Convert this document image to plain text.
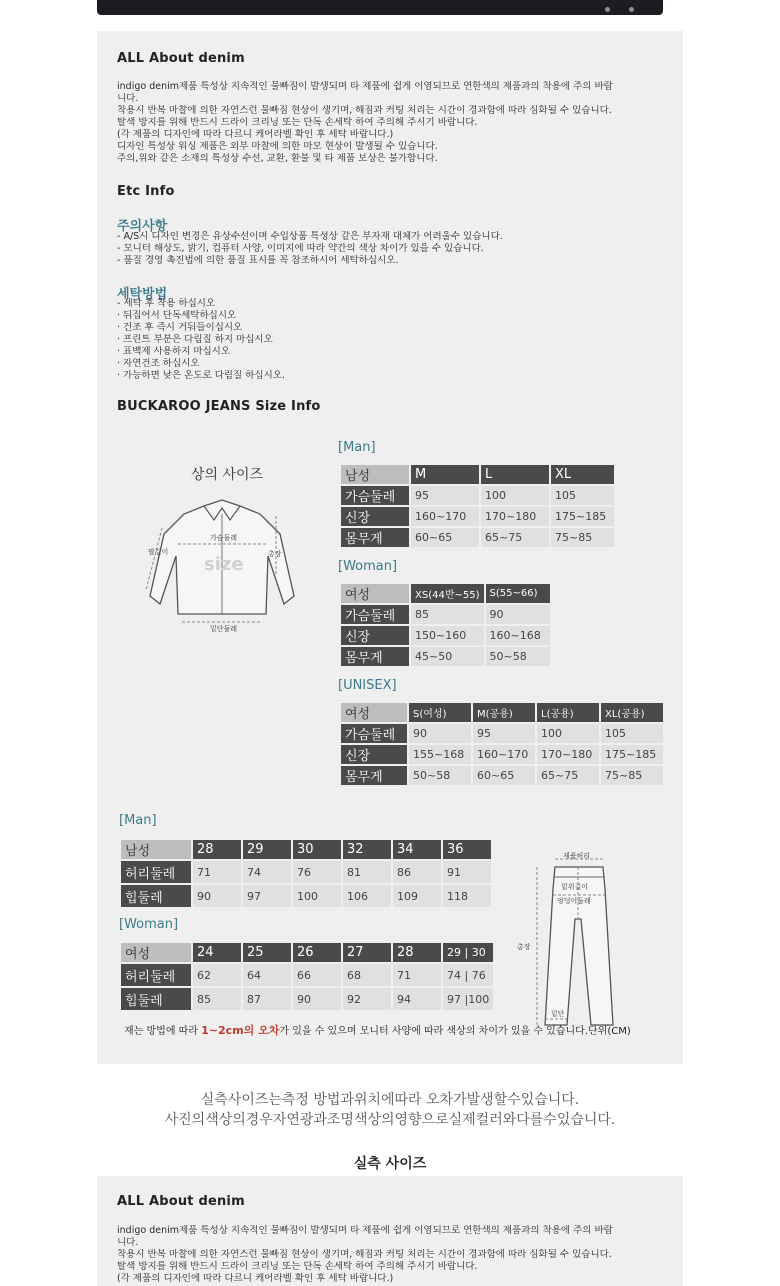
ALL About denim
indigo denim제품 특성상 지속적인 물빠짐이 발생되며 타 제품에 쉽게 이염되므로 연한색의 제품과의 착용에 주의 바랍
니다.
착용시 반복 마찰에 의한 자연스런 물빠짐 현상이 생기며, 해짐과 커팅 처리는 시간이 경과함에 따라 심화될 수 있습니다.
탈색 방지를 위해 반드시 드라이 크리닝 또는 단독 손세탁 하여 주의해 주시기 바랍니다.
(각 제품의 디자인에 따라 다르니 케어라벨 확인 후 세탁 바랍니다.)
디자인 특성상 워싱 제품은 외부 마찰에 의한 마모 현상이 발생될 수 있습니다.
주의,위와 같은 소재의 특성상 수선, 교환, 환불 및 타 제품 보상은 불가합니다.
Etc Info
주의사항
- A/S시 디자인 변경은 유상수선이며 수입상품 특성상 같은 부자재 대체가 어려울수 있습니다.
- 모니터 해상도, 밝기, 컴퓨터 사양, 이미지에 따라 약간의 색상 차이가 있을 수 있습니다.
- 품질 경영 촉진법에 의한 품질 표시를 꼭 참조하시어 세탁하십시오.
세탁방법
- 세탁 후 착용 하십시오
· 뒤집어서 단독세탁하십시오
· 건조 후 즉시 거둬들이십시오
· 프린트 부분은 다림질 하지 마십시오
· 표백제 사용하지 마십시오
· 자연건조 하십시오
· 가능하면 낮은 온도로 다림질 하십시오.
BUCKAROO JEANS Size Info
상의 사이즈
팔길이
가슴둘레
총장
size
밑단둘레
[Man]
남성	M	L	XL
가슴둘레	95	100	105
신장	160~170	170~180	175~185
몸무게	60~65	65~75	75~85
[Woman]
여성	XS(44반~55)	S(55~66)
가슴둘레	85	90
신장	150~160	160~168
몸무게	45~50	50~58
[UNISEX]
여성	S(여성)	M(공용)	L(공용)	XL(공용)
가슴둘레	90	95	100	105
신장	155~168	160~170	170~180	175~185
몸무게	50~58	60~65	65~75	75~85
[Man]
남성	28	29	30	32	34	36
허리둘레	71	74	76	81	86	91
힙둘레	90	97	100	106	109	118
[Woman]
여성	24	25	26	27	28	29 | 30
허리둘레	62	64	66	68	71	74 | 76
힙둘레	85	87	90	92	94	97 |100
제품허리
밑위길이
엉덩이둘레
총장
밑단
재는 방법에 따라 1~2cm의 오차가 있을 수 있으며 모니터 사양에 따라 색상의 차이가 있을 수 있습니다.단위(CM)
실측사이즈는측정 방법과위치에따라 오차가발생할수있습니다.
사진의색상의경우자연광과조명색상의영향으로실제컬러와다를수있습니다.
실측 사이즈
ALL About denim
indigo denim제품 특성상 지속적인 물빠짐이 발생되며 타 제품에 쉽게 이염되므로 연한색의 제품과의 착용에 주의 바랍
니다.
착용시 반복 마찰에 의한 자연스런 물빠짐 현상이 생기며, 해짐과 커팅 처리는 시간이 경과함에 따라 심화될 수 있습니다.
탈색 방지를 위해 반드시 드라이 크리닝 또는 단독 손세탁 하여 주의해 주시기 바랍니다.
(각 제품의 디자인에 따라 다르니 케어라벨 확인 후 세탁 바랍니다.)
